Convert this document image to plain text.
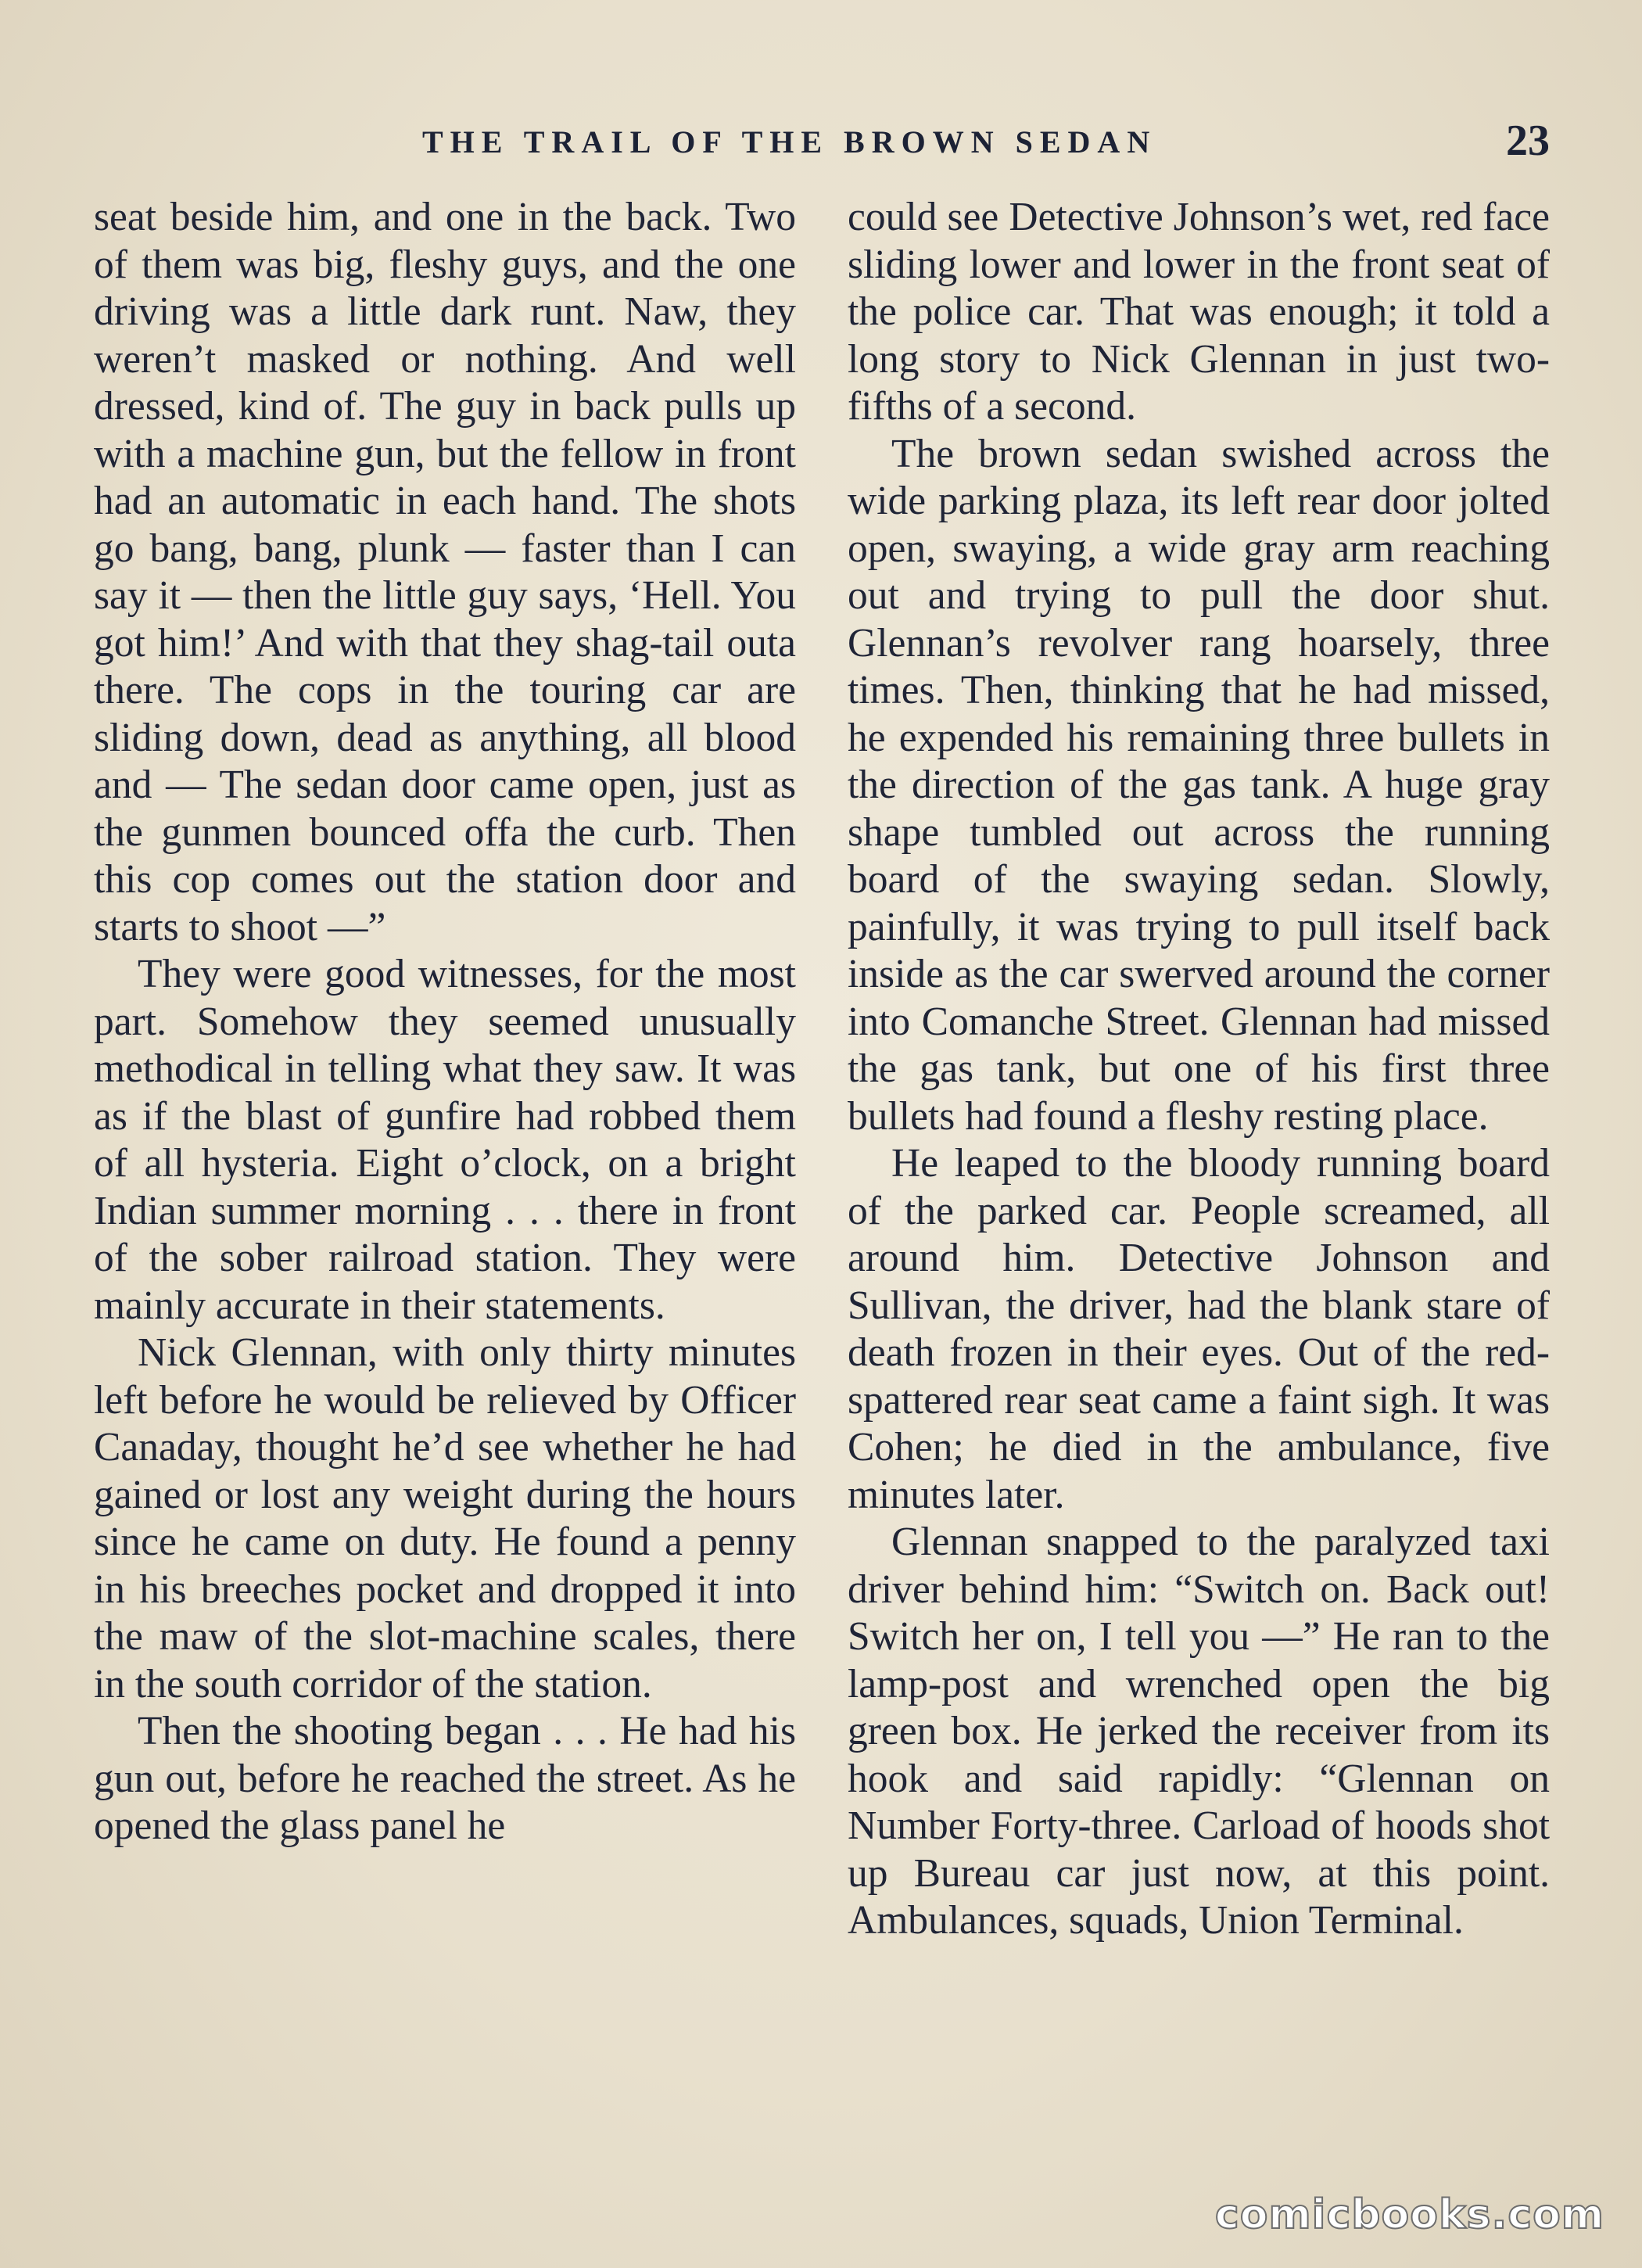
THE TRAIL OF THE BROWN SEDAN	23

seat beside him, and one in the back. Two of them was big, fleshy guys, and the one driving was a little dark runt. Naw, they weren’t masked or nothing. And well dressed, kind of. The guy in back pulls up with a machine gun, but the fellow in front had an automatic in each hand. The shots go bang, bang, plunk — faster than I can say it — then the little guy says, ‘Hell. You got him!’ And with that they shag-tail outa there. The cops in the touring car are sliding down, dead as anything, all blood and — The sedan door came open, just as the gunmen bounced offa the curb. Then this cop comes out the station door and starts to shoot —”

They were good witnesses, for the most part. Somehow they seemed unusually methodical in telling what they saw. It was as if the blast of gunfire had robbed them of all hysteria. Eight o’clock, on a bright Indian summer morning . . . there in front of the sober railroad station. They were mainly accurate in their statements.

Nick Glennan, with only thirty minutes left before he would be relieved by Officer Canaday, thought he’d see whether he had gained or lost any weight during the hours since he came on duty. He found a penny in his breeches pocket and dropped it into the maw of the slot-machine scales, there in the south corridor of the station.

Then the shooting began . . . He had his gun out, before he reached the street. As he opened the glass panel he

could see Detective Johnson’s wet, red face sliding lower and lower in the front seat of the police car. That was enough; it told a long story to Nick Glennan in just two-fifths of a second.

The brown sedan swished across the wide parking plaza, its left rear door jolted open, swaying, a wide gray arm reaching out and trying to pull the door shut. Glennan’s revolver rang hoarsely, three times. Then, thinking that he had missed, he expended his remaining three bullets in the direction of the gas tank. A huge gray shape tumbled out across the running board of the swaying sedan. Slowly, painfully, it was trying to pull itself back inside as the car swerved around the corner into Comanche Street. Glennan had missed the gas tank, but one of his first three bullets had found a fleshy resting place.

He leaped to the bloody running board of the parked car. People screamed, all around him. Detective Johnson and Sullivan, the driver, had the blank stare of death frozen in their eyes. Out of the red-spattered rear seat came a faint sigh. It was Cohen; he died in the ambulance, five minutes later.

Glennan snapped to the paralyzed taxi driver behind him: “Switch on. Back out! Switch her on, I tell you —” He ran to the lamp-post and wrenched open the big green box. He jerked the receiver from its hook and said rapidly: “Glennan on Number Forty-three. Carload of hoods shot up Bureau car just now, at this point. Ambulances, squads, Union Terminal.

comicbooks.com
